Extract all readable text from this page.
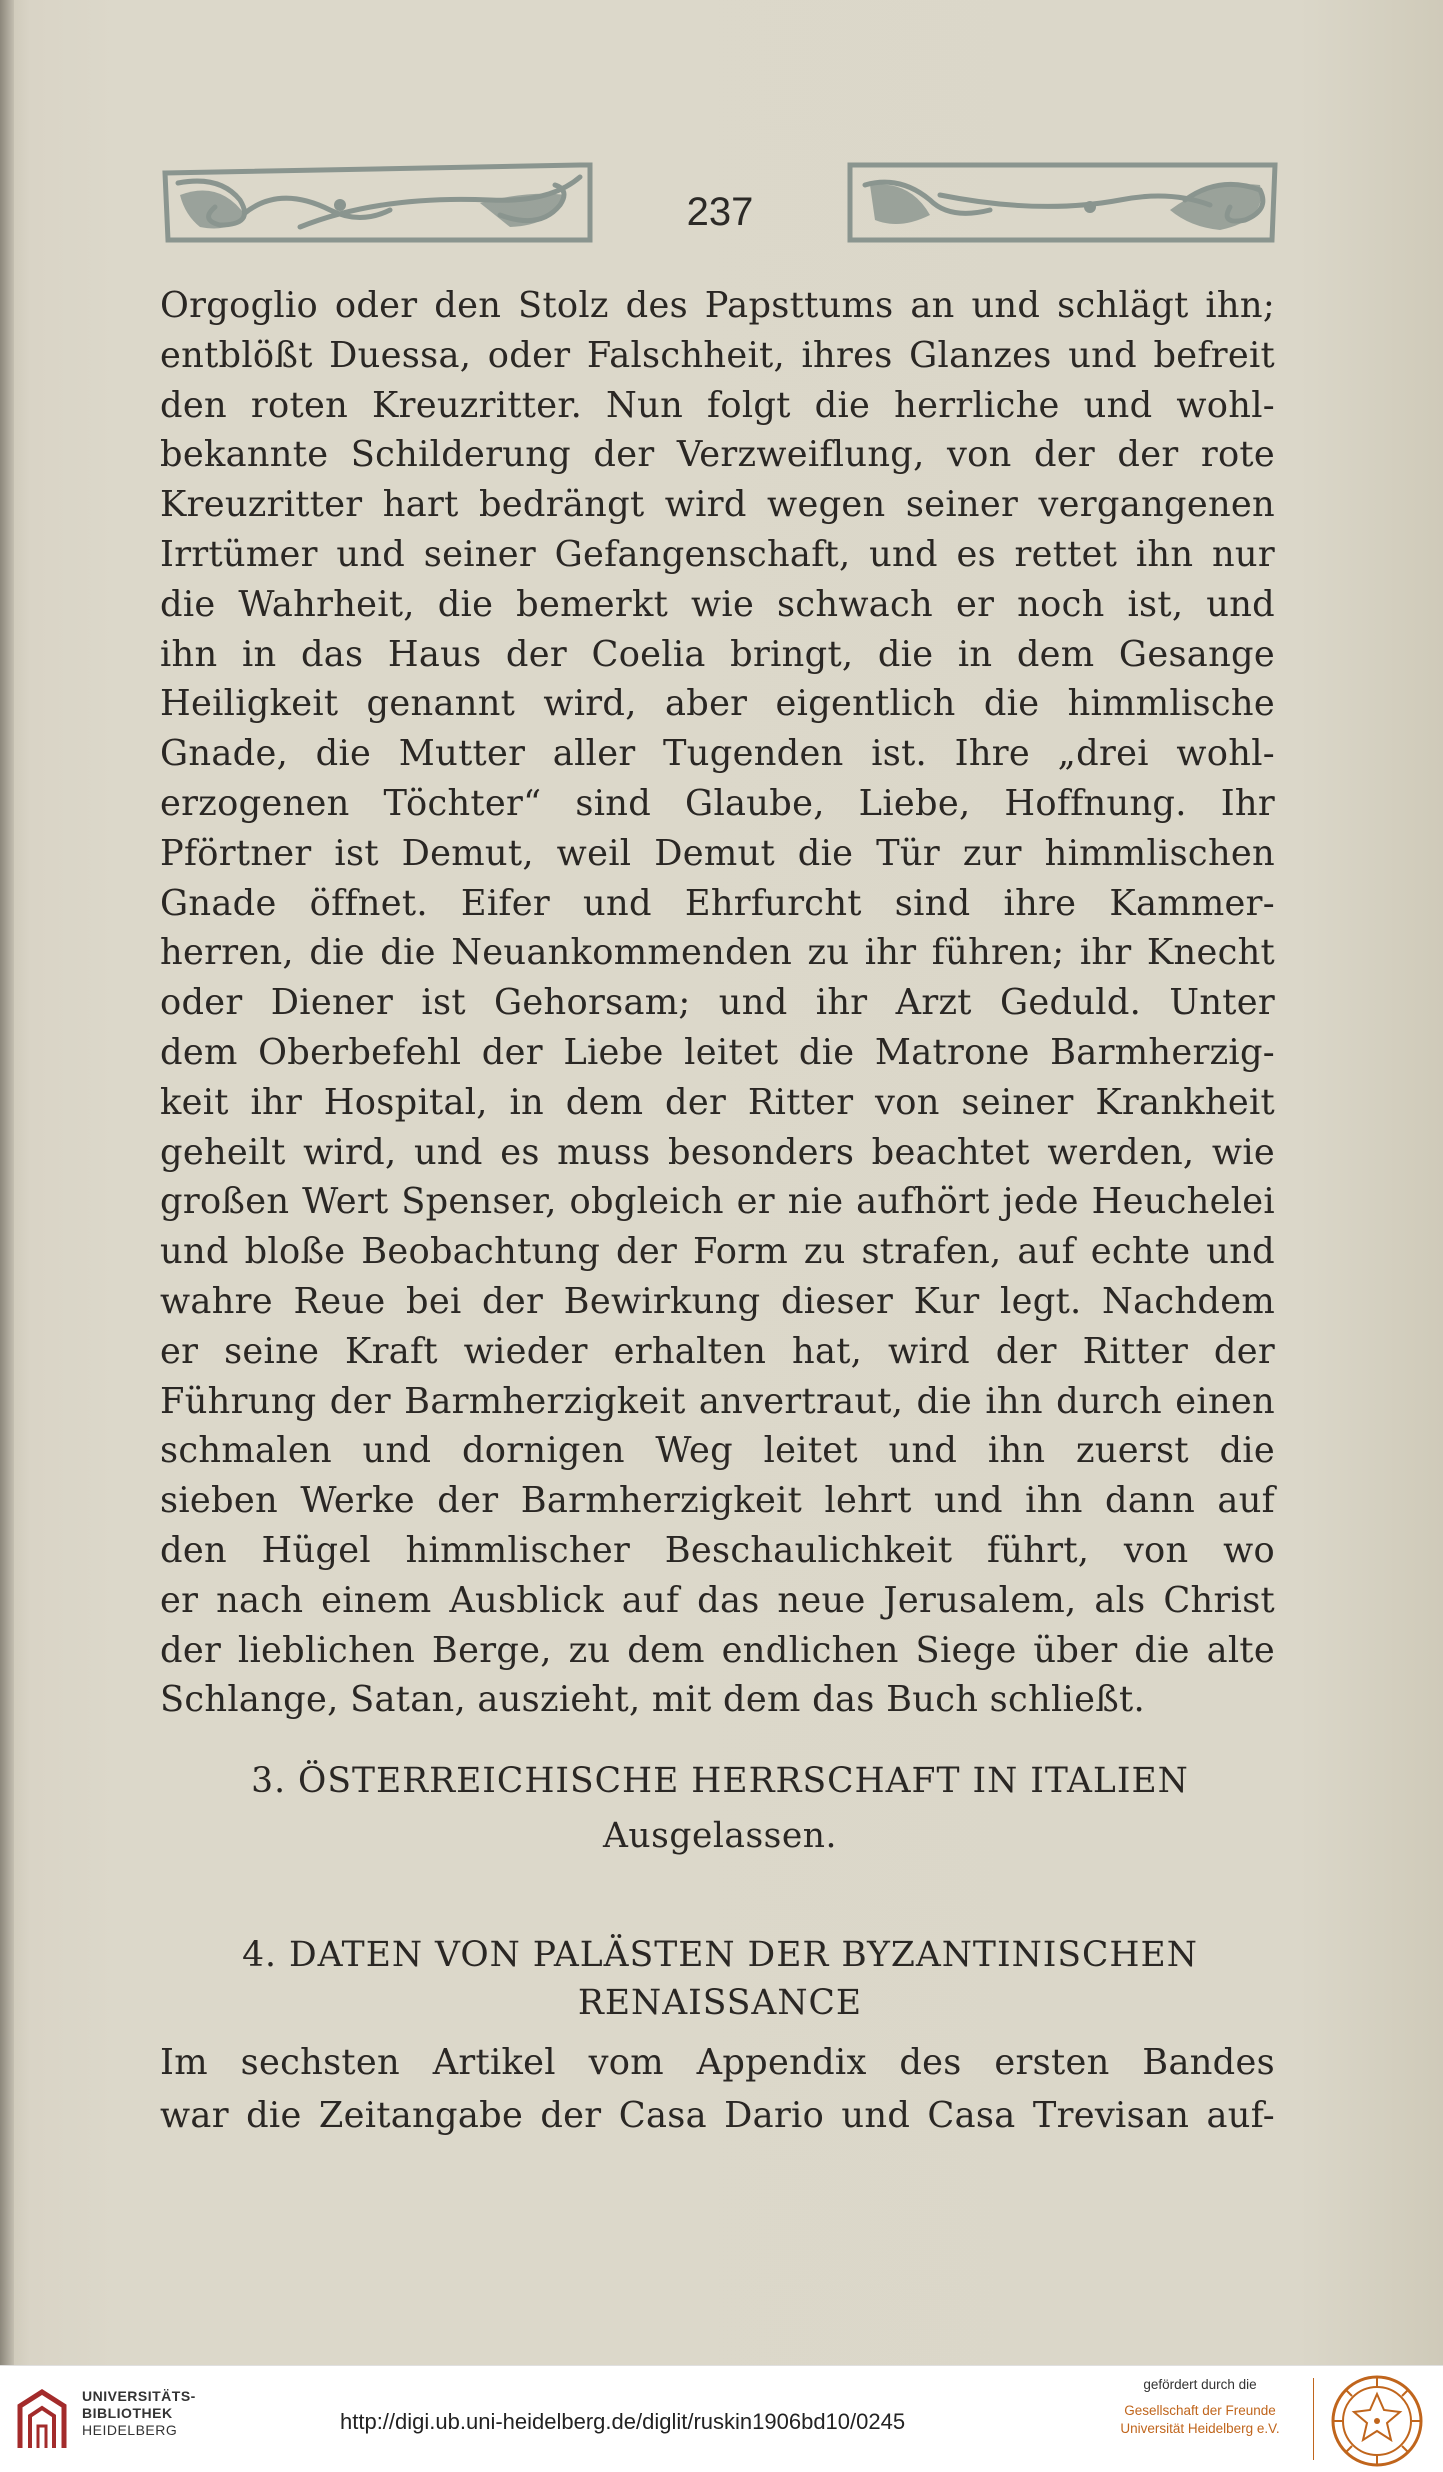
237
Orgoglio oder den Stolz des Papsttums an und schlägt ihn;
entblößt Duessa, oder Falschheit, ihres Glanzes und befreit
den roten Kreuzritter. Nun folgt die herrliche und wohl-
bekannte Schilderung der Verzweiflung, von der der rote
Kreuzritter hart bedrängt wird wegen seiner vergangenen
Irrtümer und seiner Gefangenschaft, und es rettet ihn nur
die Wahrheit, die bemerkt wie schwach er noch ist, und
ihn in das Haus der Coelia bringt, die in dem Gesange
Heiligkeit genannt wird, aber eigentlich die himmlische
Gnade, die Mutter aller Tugenden ist. Ihre „drei wohl-
erzogenen Töchter“ sind Glaube, Liebe, Hoffnung. Ihr
Pförtner ist Demut, weil Demut die Tür zur himmlischen
Gnade öffnet. Eifer und Ehrfurcht sind ihre Kammer-
herren, die die Neuankommenden zu ihr führen; ihr Knecht
oder Diener ist Gehorsam; und ihr Arzt Geduld. Unter
dem Oberbefehl der Liebe leitet die Matrone Barmherzig-
keit ihr Hospital, in dem der Ritter von seiner Krankheit
geheilt wird, und es muss besonders beachtet werden, wie
großen Wert Spenser, obgleich er nie aufhört jede Heuchelei
und bloße Beobachtung der Form zu strafen, auf echte und
wahre Reue bei der Bewirkung dieser Kur legt. Nachdem
er seine Kraft wieder erhalten hat, wird der Ritter der
Führung der Barmherzigkeit anvertraut, die ihn durch einen
schmalen und dornigen Weg leitet und ihn zuerst die
sieben Werke der Barmherzigkeit lehrt und ihn dann auf
den Hügel himmlischer Beschaulichkeit führt, von wo
er nach einem Ausblick auf das neue Jerusalem, als Christ
der lieblichen Berge, zu dem endlichen Siege über die alte
Schlange, Satan, auszieht, mit dem das Buch schließt.
3. ÖSTERREICHISCHE HERRSCHAFT IN ITALIEN
Ausgelassen.
4. DATEN VON PALÄSTEN DER BYZANTINISCHEN
RENAISSANCE
Im sechsten Artikel vom Appendix des ersten Bandes
war die Zeitangabe der Casa Dario und Casa Trevisan auf-
UNIVERSITÄTS-
BIBLIOTHEK
HEIDELBERG	http://digi.ub.uni-heidelberg.de/diglit/ruskin1906bd10/0245
gefördert durch die
Gesellschaft der Freunde
Universität Heidelberg e.V.
